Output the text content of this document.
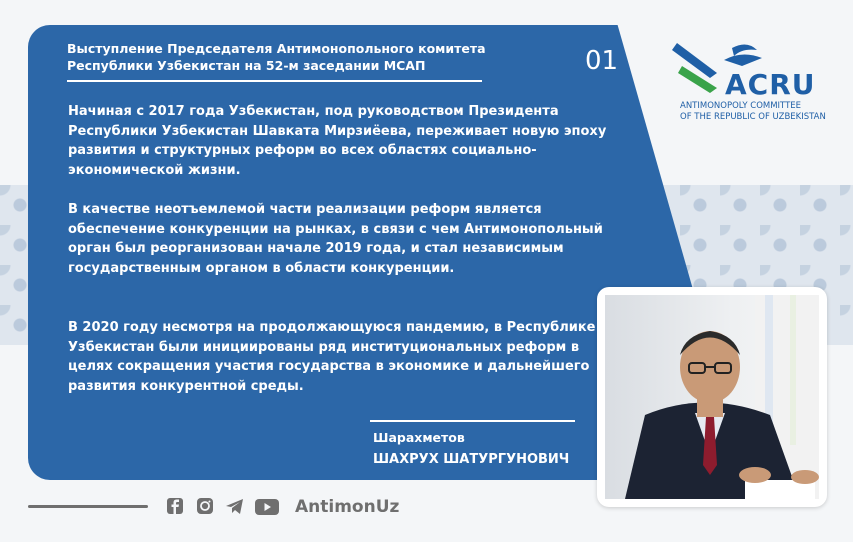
Выступление Председателя Антимонопольного комитета
Республики Узбекистан на 52-м заседании МСАП	01
Начиная с 2017 года Узбекистан, под руководством Президента Республики Узбекистан Шавката Мирзиёева, переживает новую эпоху развития и структурных реформ во всех областях социально-экономической жизни.
В качестве неотъемлемой части реализации реформ является обеспечение конкуренции на рынках, в связи с чем Антимонопольный орган был реорганизован начале 2019 года, и стал независимым государственным органом в области конкуренции.
В 2020 году несмотря на продолжающуюся пандемию, в Республике Узбекистан были инициированы ряд институциональных реформ в целях сокращения участия государства в экономике и дальнейшего развития конкурентной среды.
Шарахметов
ШАХРУХ ШАТУРГУНОВИЧ
ACRU
ANTIMONOPOLY COMMITTEE
OF THE REPUBLIC OF UZBEKISTAN
AntimonUz
